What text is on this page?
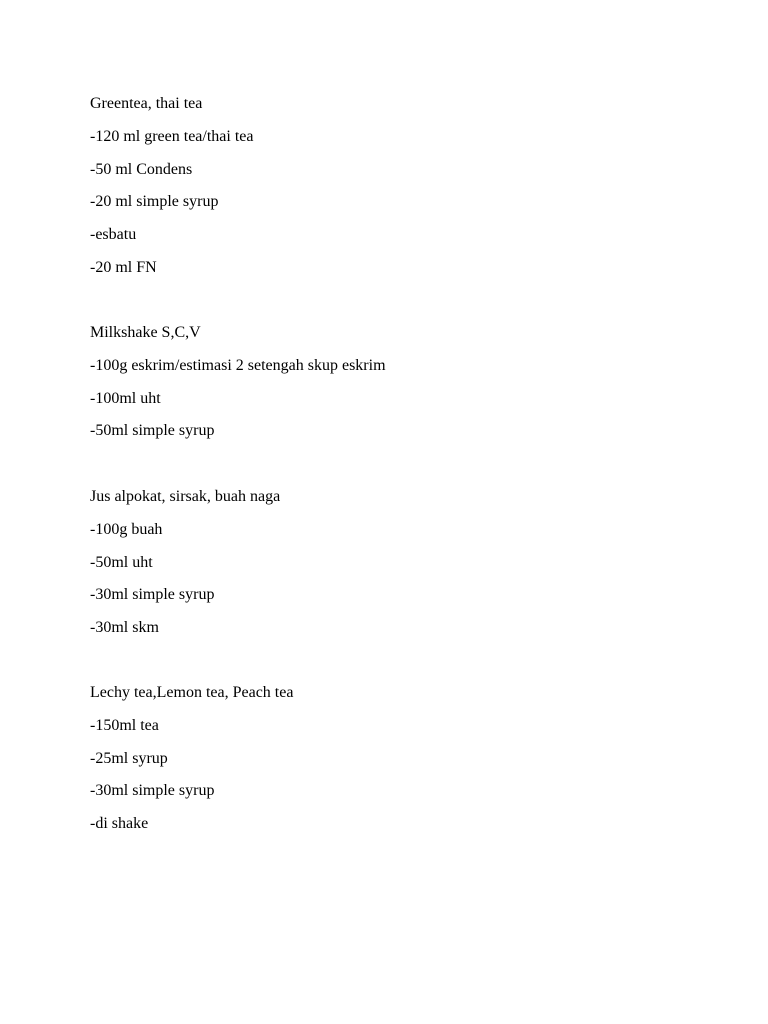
Greentea, thai tea
-120 ml green tea/thai tea
-50 ml Condens
-20 ml simple syrup
-esbatu
-20 ml FN
Milkshake S,C,V
-100g eskrim/estimasi 2 setengah skup eskrim
-100ml uht
-50ml simple syrup
Jus alpokat, sirsak, buah naga
-100g buah
-50ml uht
-30ml simple syrup
-30ml skm
Lechy tea,Lemon tea, Peach tea
-150ml tea
-25ml syrup
-30ml simple syrup
-di shake
